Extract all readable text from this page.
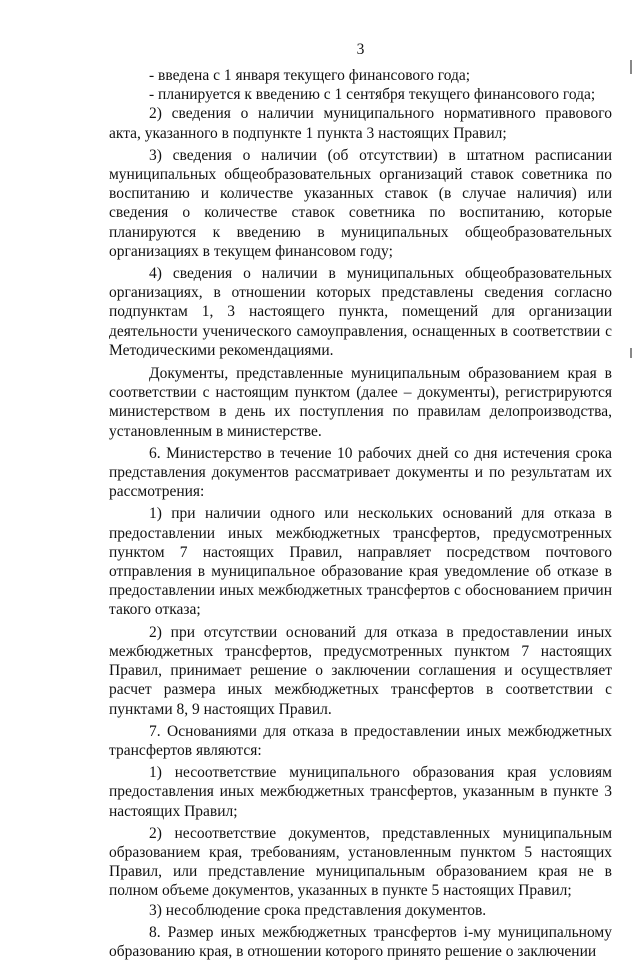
3

- введена с 1 января текущего финансового года;

- планируется к введению с 1 сентября текущего финансового года;

2) сведения о наличии муниципального нормативного правового акта, указанного в подпункте 1 пункта 3 настоящих Правил;

3) сведения о наличии (об отсутствии) в штатном расписании муниципальных общеобразовательных организаций ставок советника по воспитанию и количестве указанных ставок (в случае наличия) или сведения о количестве ставок советника по воспитанию, которые планируются к введению в муниципальных общеобразовательных организациях в текущем финансовом году;

4) сведения о наличии в муниципальных общеобразовательных организациях, в отношении которых представлены сведения согласно подпунктам 1, 3 настоящего пункта, помещений для организации деятельности ученического самоуправления, оснащенных в соответствии с Методическими рекомендациями.

Документы, представленные муниципальным образованием края в соответствии с настоящим пунктом (далее – документы), регистрируются министерством в день их поступления по правилам делопроизводства, установленным в министерстве.

6. Министерство в течение 10 рабочих дней со дня истечения срока представления документов рассматривает документы и по результатам их рассмотрения:

1) при наличии одного или нескольких оснований для отказа в предоставлении иных межбюджетных трансфертов, предусмотренных пунктом 7 настоящих Правил, направляет посредством почтового отправления в муниципальное образование края уведомление об отказе в предоставлении иных межбюджетных трансфертов с обоснованием причин такого отказа;

2) при отсутствии оснований для отказа в предоставлении иных межбюджетных трансфертов, предусмотренных пунктом 7 настоящих Правил, принимает решение о заключении соглашения и осуществляет расчет размера иных межбюджетных трансфертов в соответствии с пунктами 8, 9 настоящих Правил.

7. Основаниями для отказа в предоставлении иных межбюджетных трансфертов являются:

1) несоответствие муниципального образования края условиям предоставления иных межбюджетных трансфертов, указанным в пункте 3 настоящих Правил;

2) несоответствие документов, представленных муниципальным образованием края, требованиям, установленным пунктом 5 настоящих Правил, или представление муниципальным образованием края не в полном объеме документов, указанных в пункте 5 настоящих Правил;

3) несоблюдение срока представления документов.

8. Размер иных межбюджетных трансфертов i-му муниципальному образованию края, в отношении которого принято решение о заключении
